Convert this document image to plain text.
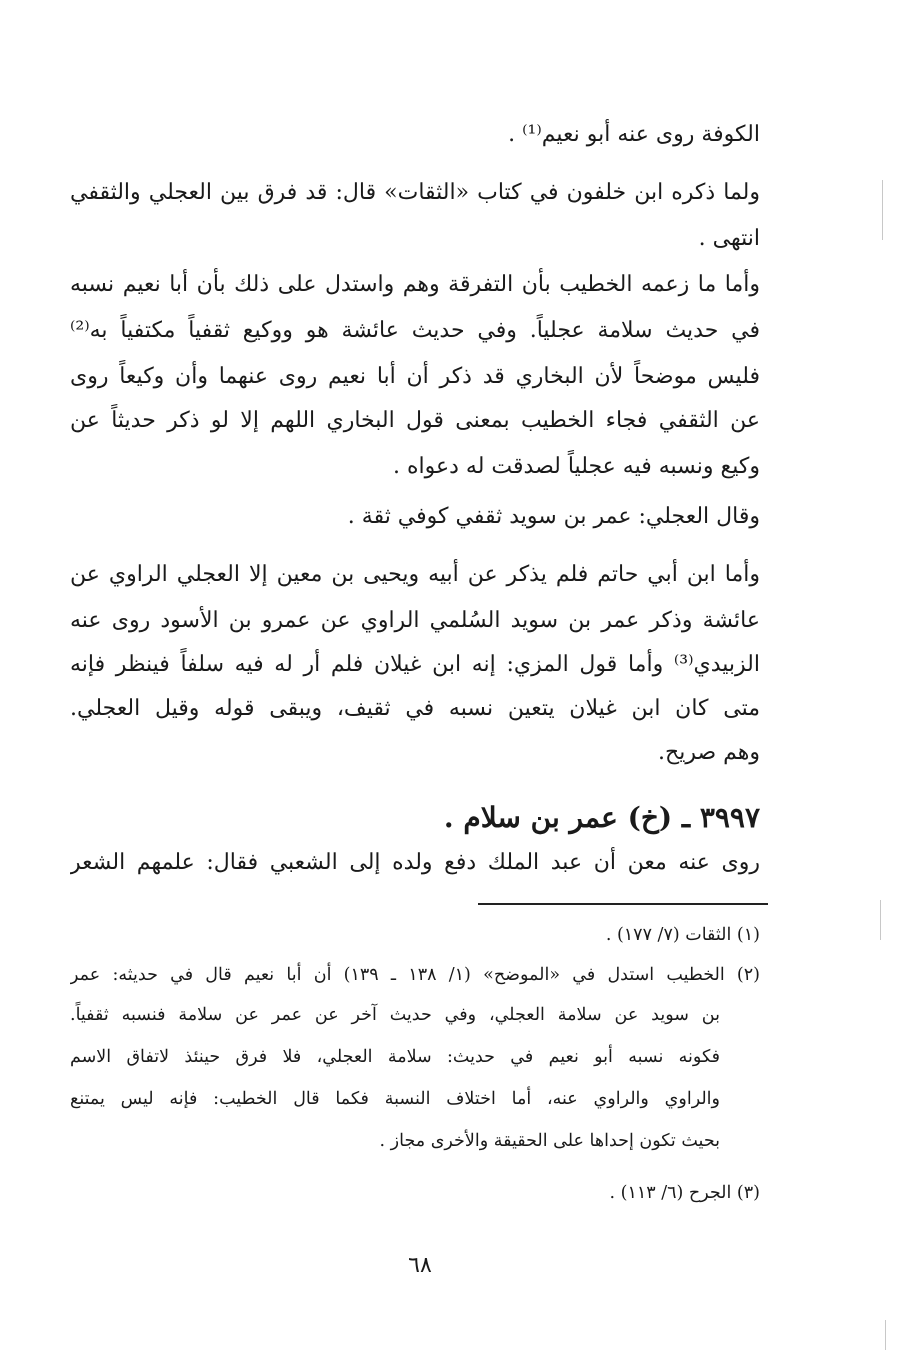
الكوفة روى عنه أبو نعيم⁽¹⁾ .
ولما ذكره ابن خلفون في كتاب «الثقات» قال: قد فرق بين العجلي والثقفي
انتهى .
وأما ما زعمه الخطيب بأن التفرقة وهم واستدل على ذلك بأن أبا نعيم نسبه
في حديث سلامة عجلياً. وفي حديث عائشة هو ووكيع ثقفياً مكتفياً به⁽²⁾
فليس موضحاً لأن البخاري قد ذكر أن أبا نعيم روى عنهما وأن وكيعاً روى
عن الثقفي فجاء الخطيب بمعنى قول البخاري اللهم إلا لو ذكر حديثاً عن
وكيع ونسبه فيه عجلياً لصدقت له دعواه .
وقال العجلي: عمر بن سويد ثقفي كوفي ثقة .
وأما ابن أبي حاتم فلم يذكر عن أبيه ويحيى بن معين إلا العجلي الراوي عن
عائشة وذكر عمر بن سويد السُلمي الراوي عن عمرو بن الأسود روى عنه
الزبيدي⁽³⁾ وأما قول المزي: إنه ابن غيلان فلم أر له فيه سلفاً فينظر فإنه
متى كان ابن غيلان يتعين نسبه في ثقيف، ويبقى قوله وقيل العجلي.
وهم صريح.
٣٩٩٧ ـ (خ) عمر بن سلام .
روى عنه معن أن عبد الملك دفع ولده إلى الشعبي فقال: علمهم الشعر
(١) الثقات (٧/ ١٧٧) .
(٢) الخطيب استدل في «الموضح» (١/ ١٣٨ ـ ١٣٩) أن أبا نعيم قال في حديثه: عمر
بن سويد عن سلامة العجلي، وفي حديث آخر عن عمر عن سلامة فنسبه ثقفياً.
فكونه نسبه أبو نعيم في حديث: سلامة العجلي، فلا فرق حينئذ لاتفاق الاسم
والراوي والراوي عنه، أما اختلاف النسبة فكما قال الخطيب: فإنه ليس يمتنع
بحيث تكون إحداها على الحقيقة والأخرى مجاز .
(٣) الجرح (٦/ ١١٣) .
٦٨
